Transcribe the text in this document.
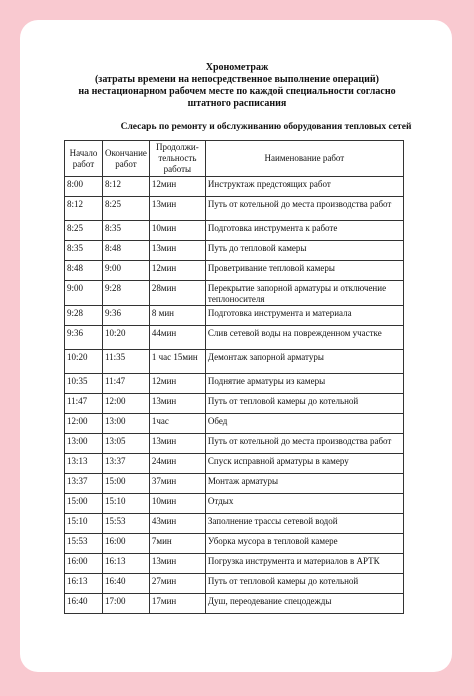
Хронометраж
(затраты времени на непосредственное выполнение операций)
на нестационарном рабочем месте по каждой специальности согласно
штатного расписания
Слесарь по ремонту и обслуживанию оборудования тепловых сетей
Начало работ	Окончание работ	Продолжи-тельность работы	Наименование работ
8:00	8:12	12мин	Инструктаж предстоящих работ
8:12	8:25	13мин	Путь от котельной до места производства работ
8:25	8:35	10мин	Подготовка инструмента к работе
8:35	8:48	13мин	Путь до тепловой камеры
8:48	9:00	12мин	Проветривание тепловой камеры
9:00	9:28	28мин	Перекрытие запорной арматуры и отключение теплоносителя
9:28	9:36	8 мин	Подготовка инструмента и материала
9:36	10:20	44мин	Слив сетевой воды на поврежденном участке
10:20	11:35	1 час 15мин	Демонтаж запорной арматуры
10:35	11:47	12мин	Поднятие арматуры из камеры
11:47	12:00	13мин	Путь от тепловой камеры до котельной
12:00	13:00	1час	Обед
13:00	13:05	13мин	Путь от котельной до места производства работ
13:13	13:37	24мин	Спуск исправной арматуры в камеру
13:37	15:00	37мин	Монтаж арматуры
15:00	15:10	10мин	Отдых
15:10	15:53	43мин	Заполнение трассы сетевой водой
15:53	16:00	7мин	Уборка мусора в тепловой камере
16:00	16:13	13мин	Погрузка инструмента и материалов в АРТК
16:13	16:40	27мин	Путь от тепловой камеры до котельной
16:40	17:00	17мин	Душ, переодевание спецодежды
